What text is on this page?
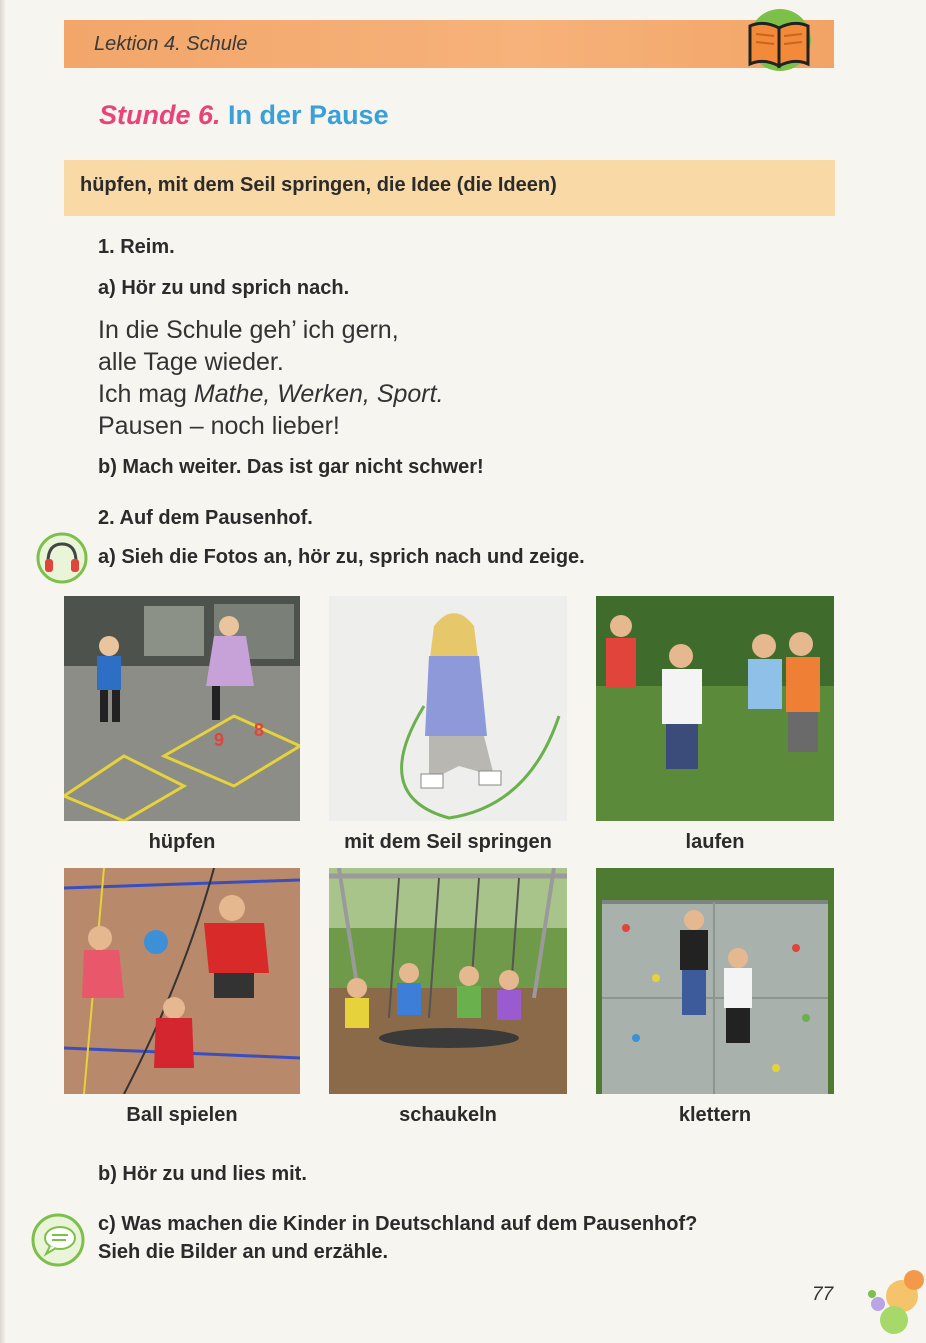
Lektion 4. Schule
Stunde 6. In der Pause
hüpfen, mit dem Seil springen, die Idee (die Ideen)
1. Reim.
a) Hör zu und sprich nach.
In die Schule geh’ ich gern,
alle Tage wieder.
Ich mag Mathe, Werken, Sport.
Pausen – noch lieber!
b) Mach weiter. Das ist gar nicht schwer!
2. Auf dem Pausenhof.
a) Sieh die Fotos an, hör zu, sprich nach und zeige.
9 8
hüpfen	mit dem Seil springen	laufen
Ball spielen	schaukeln	klettern
b) Hör zu und lies mit.
c) Was machen die Kinder in Deutschland auf dem Pausenhof?
Sieh die Bilder an und erzähle.
77
